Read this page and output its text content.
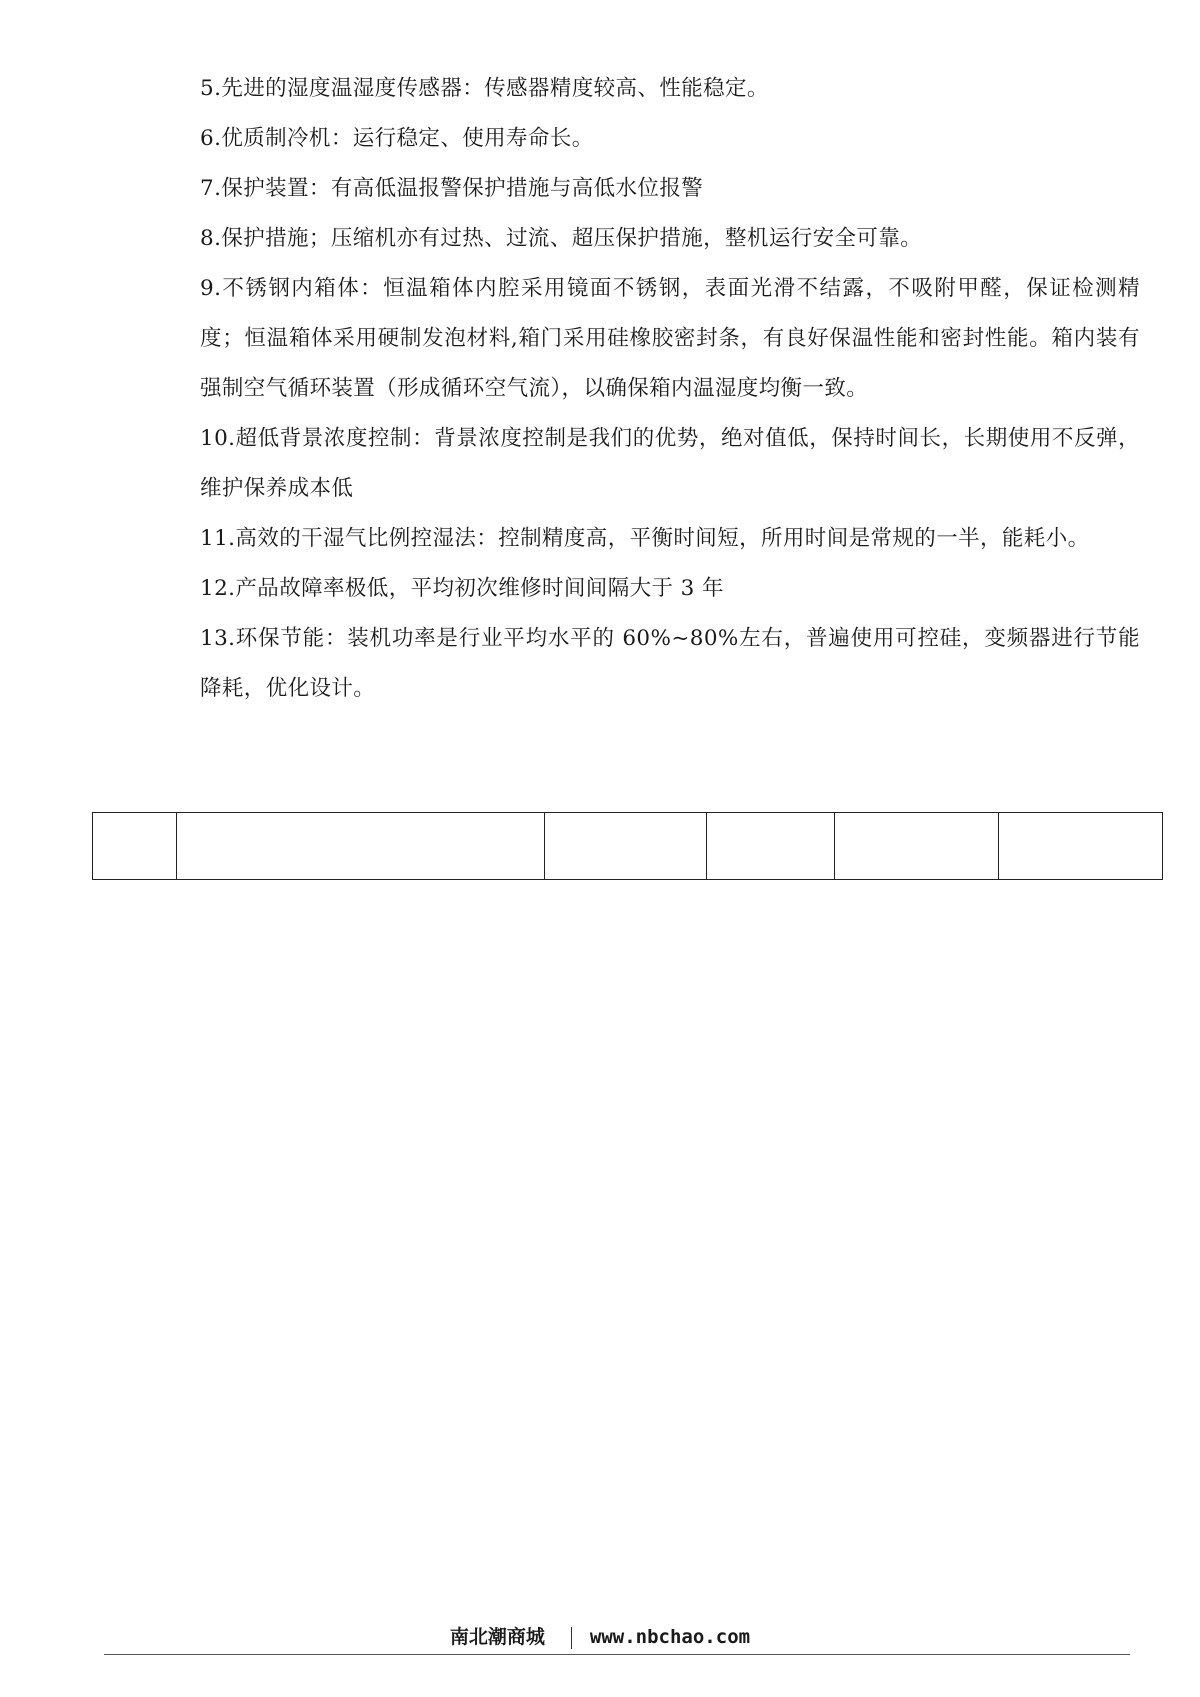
5.先进的湿度温湿度传感器：传感器精度较高、性能稳定。

6.优质制冷机：运行稳定、使用寿命长。

7.保护装置：有高低温报警保护措施与高低水位报警

8.保护措施；压缩机亦有过热、过流、超压保护措施，整机运行安全可靠。

9.不锈钢内箱体：恒温箱体内腔采用镜面不锈钢，表面光滑不结露，不吸附甲醛，保证检测精度；恒温箱体采用硬制发泡材料,箱门采用硅橡胶密封条，有良好保温性能和密封性能。箱内装有强制空气循环装置（形成循环空气流），以确保箱内温湿度均衡一致。

10.超低背景浓度控制：背景浓度控制是我们的优势，绝对值低，保持时间长，长期使用不反弹，维护保养成本低

11.高效的干湿气比例控湿法：控制精度高，平衡时间短，所用时间是常规的一半，能耗小。

12.产品故障率极低，平均初次维修时间间隔大于 3 年

13.环保节能：装机功率是行业平均水平的 60%~80%左右，普遍使用可控硅，变频器进行节能降耗，优化设计。

南北潮商城 www.nbchao.com
